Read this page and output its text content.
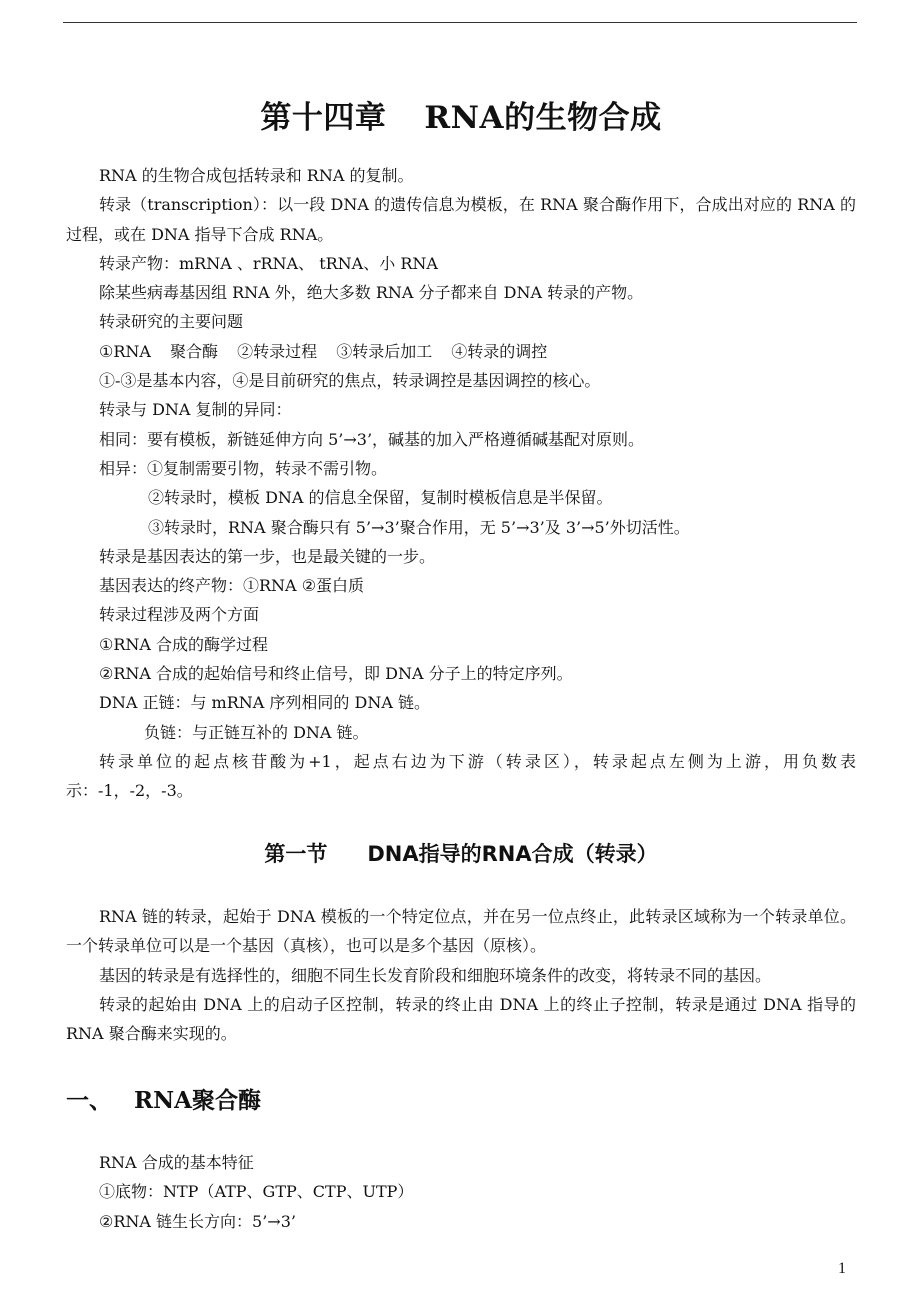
第十四章 RNA的生物合成

RNA 的生物合成包括转录和 RNA 的复制。

转录（transcription）：以一段 DNA 的遗传信息为模板，在 RNA 聚合酶作用下，合成出对应的 RNA 的过程，或在 DNA 指导下合成 RNA。

转录产物：mRNA 、rRNA、 tRNA、小 RNA

除某些病毒基因组 RNA 外，绝大多数 RNA 分子都来自 DNA 转录的产物。

转录研究的主要问题

①RNA 聚合酶 ②转录过程 ③转录后加工 ④转录的调控

①-③是基本内容，④是目前研究的焦点，转录调控是基因调控的核心。

转录与 DNA 复制的异同：

相同：要有模板，新链延伸方向 5’→3’，碱基的加入严格遵循碱基配对原则。

相异：①复制需要引物，转录不需引物。

②转录时，模板 DNA 的信息全保留，复制时模板信息是半保留。

③转录时，RNA 聚合酶只有 5’→3’聚合作用，无 5’→3’及 3’→5’外切活性。

转录是基因表达的第一步，也是最关键的一步。

基因表达的终产物：①RNA ②蛋白质

转录过程涉及两个方面

①RNA 合成的酶学过程

②RNA 合成的起始信号和终止信号，即 DNA 分子上的特定序列。

DNA 正链：与 mRNA 序列相同的 DNA 链。

负链：与正链互补的 DNA 链。

转录单位的起点核苷酸为+1，起点右边为下游（转录区），转录起点左侧为上游，用负数表示：-1，-2，-3。

第一节 DNA指导的RNA合成（转录）

RNA 链的转录，起始于 DNA 模板的一个特定位点，并在另一位点终止，此转录区域称为一个转录单位。一个转录单位可以是一个基因（真核），也可以是多个基因（原核）。

基因的转录是有选择性的，细胞不同生长发育阶段和细胞环境条件的改变，将转录不同的基因。

转录的起始由 DNA 上的启动子区控制，转录的终止由 DNA 上的终止子控制，转录是通过 DNA 指导的 RNA 聚合酶来实现的。

一、 RNA聚合酶

RNA 合成的基本特征

①底物：NTP（ATP、GTP、CTP、UTP）

②RNA 链生长方向：5’→3’

1
